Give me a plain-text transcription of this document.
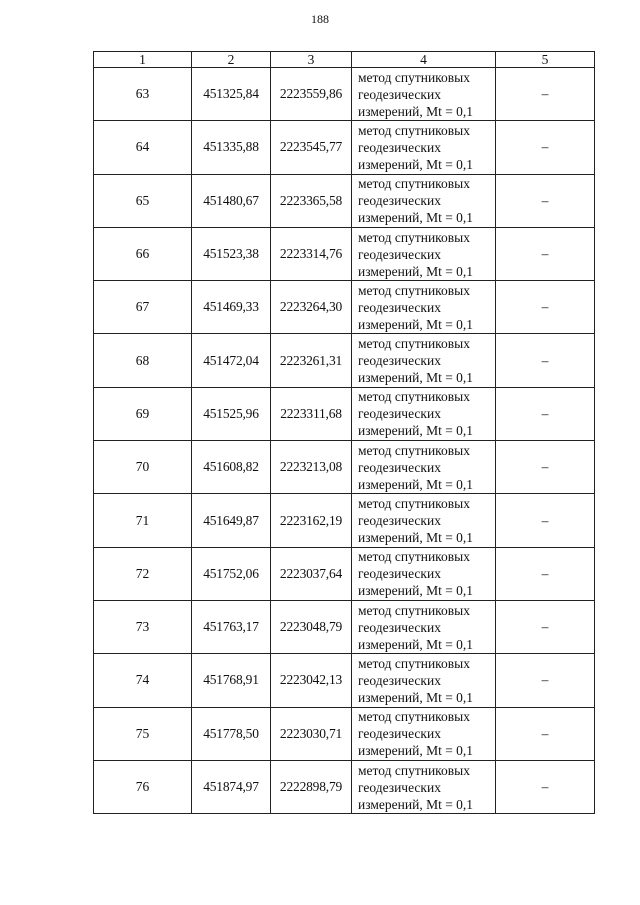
188
1	2	3	4	5
63	451325,84	2223559,86	метод спутниковых
геодезических
измерений, Mt = 0,1	–
64	451335,88	2223545,77	метод спутниковых
геодезических
измерений, Mt = 0,1	–
65	451480,67	2223365,58	метод спутниковых
геодезических
измерений, Mt = 0,1	–
66	451523,38	2223314,76	метод спутниковых
геодезических
измерений, Mt = 0,1	–
67	451469,33	2223264,30	метод спутниковых
геодезических
измерений, Mt = 0,1	–
68	451472,04	2223261,31	метод спутниковых
геодезических
измерений, Mt = 0,1	–
69	451525,96	2223311,68	метод спутниковых
геодезических
измерений, Mt = 0,1	–
70	451608,82	2223213,08	метод спутниковых
геодезических
измерений, Mt = 0,1	–
71	451649,87	2223162,19	метод спутниковых
геодезических
измерений, Mt = 0,1	–
72	451752,06	2223037,64	метод спутниковых
геодезических
измерений, Mt = 0,1	–
73	451763,17	2223048,79	метод спутниковых
геодезических
измерений, Mt = 0,1	–
74	451768,91	2223042,13	метод спутниковых
геодезических
измерений, Mt = 0,1	–
75	451778,50	2223030,71	метод спутниковых
геодезических
измерений, Mt = 0,1	–
76	451874,97	2222898,79	метод спутниковых
геодезических
измерений, Mt = 0,1	–
